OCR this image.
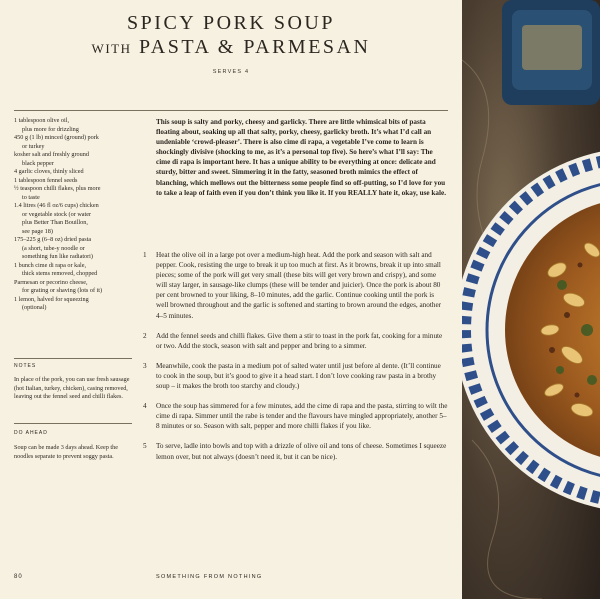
SPICY PORK SOUP
WITH PASTA & PARMESAN
SERVES 4
1 tablespoon olive oil,
plus more for drizzling
450 g (1 lb) minced (ground) pork
or turkey
kosher salt and freshly ground
black pepper
4 garlic cloves, thinly sliced
1 tablespoon fennel seeds
½ teaspoon chilli flakes, plus more
to taste
1.4 litres (46 fl oz/6 cups) chicken
or vegetable stock (or water
plus Better Than Bouillon,
see page 18)
175–225 g (6–8 oz) dried pasta
(a short, tube-y noodle or
something fun like radiatori)
1 bunch cime di rapa or kale,
thick stems removed, chopped
Parmesan or pecorino cheese,
for grating or shaving (lots of it)
1 lemon, halved for squeezing
(optional)
NOTES
In place of the pork, you can use fresh sausage (hot Italian, turkey, chicken), casing removed, leaving out the fennel seed and chilli flakes.
DO AHEAD
Soup can be made 3 days ahead. Keep the noodles separate to prevent soggy pasta.
This soup is salty and porky, cheesy and garlicky. There are little whimsical bits of pasta floating about, soaking up all that salty, porky, cheesy, garlicky broth. It’s what I’d call an undeniable ‘crowd-pleaser’. There is also cime di rapa, a vegetable I’ve come to learn is shockingly divisive (shocking to me, as it’s a personal top five). So here’s what I’ll say: The cime di rapa is important here. It has a unique ability to be everything at once: delicate and sturdy, bitter and sweet. Simmering it in the fatty, seasoned broth mimics the effect of blanching, which mellows out the bitterness some people find so off-putting, so I’d love for you to take a leap of faith even if you don’t think you like it. If you REALLY hate it, okay, use kale.
1	Heat the olive oil in a large pot over a medium-high heat. Add the pork and season with salt and pepper. Cook, resisting the urge to break it up too much at first. As it browns, break it up into small pieces; some of the pork will get very small (these bits will get very brown and crispy), and some will stay larger, in sausage-like clumps (these will be tender and juicier). Once the pork is about 80 per cent browned to your liking, 8–10 minutes, add the garlic. Continue cooking until the pork is well browned throughout and the garlic is softened and starting to brown around the edges, another 4–5 minutes.
2	Add the fennel seeds and chilli flakes. Give them a stir to toast in the pork fat, cooking for a minute or two. Add the stock, season with salt and pepper and bring to a simmer.
3	Meanwhile, cook the pasta in a medium pot of salted water until just before al dente. (It’ll continue to cook in the soup, but it’s good to give it a head start. I don’t love cooking raw pasta in a brothy soup – it makes the broth too starchy and cloudy.)
4	Once the soup has simmered for a few minutes, add the cime di rapa and the pasta, stirring to wilt the cime di rapa. Simmer until the rabe is tender and the flavours have mingled appropriately, another 5–8 minutes or so. Season with salt, pepper and more chilli flakes if you like.
5	To serve, ladle into bowls and top with a drizzle of olive oil and tons of cheese. Sometimes I squeeze lemon over, but not always (doesn’t need it, but it can be nice).
80	SOMETHING FROM NOTHING
